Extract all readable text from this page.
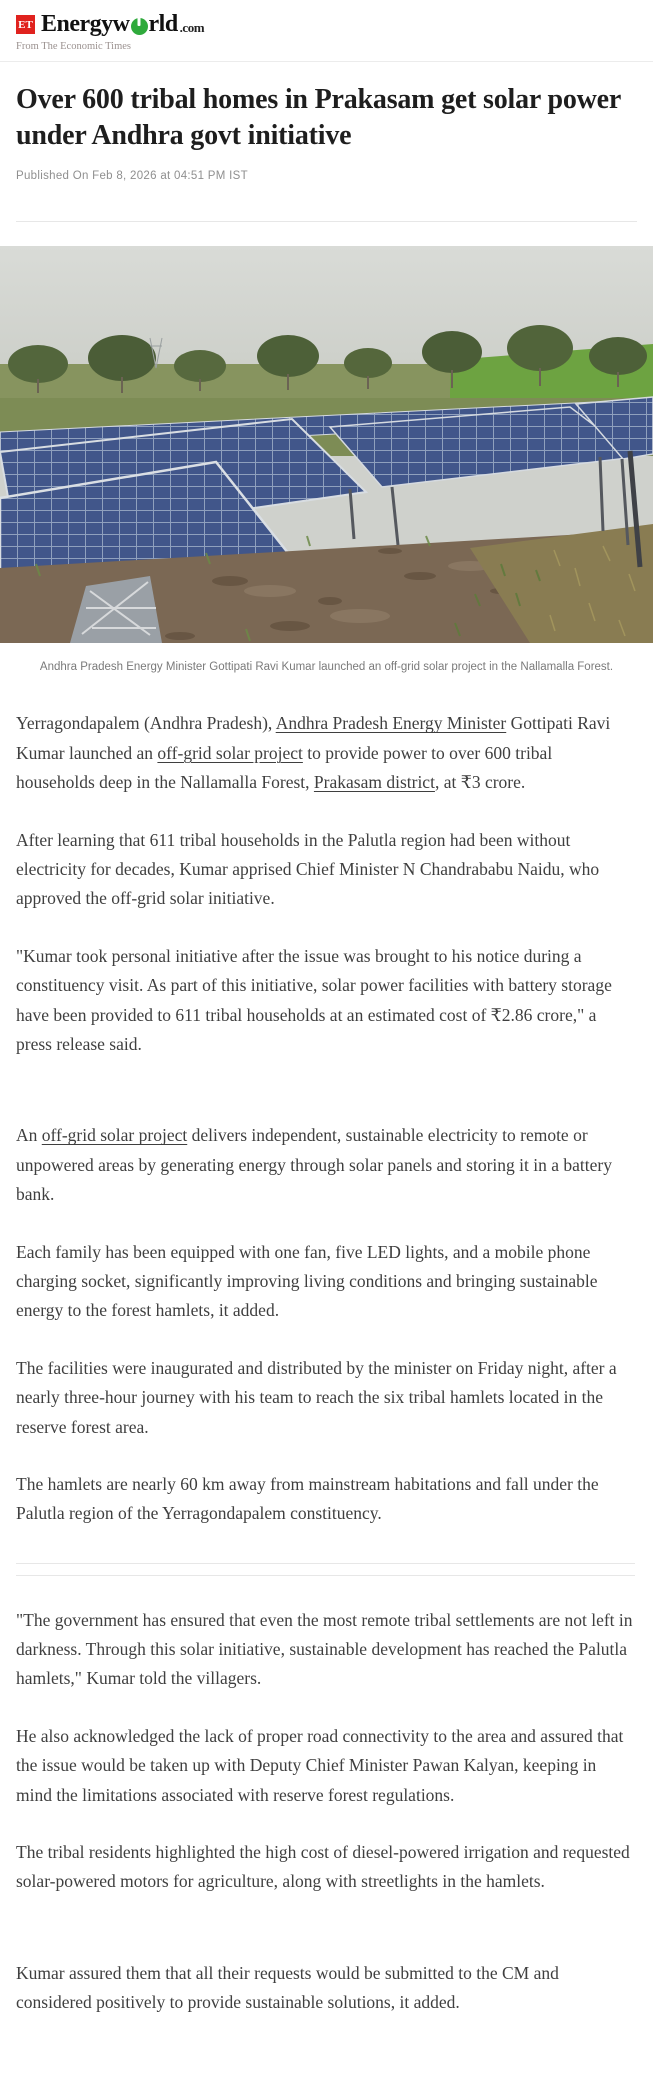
ET Energyw rld .com
From The Economic Times
Over 600 tribal homes in Prakasam get solar power under Andhra govt initiative
Published On Feb 8, 2026 at 04:51 PM IST
Andhra Pradesh Energy Minister Gottipati Ravi Kumar launched an off-grid solar project in the Nallamalla Forest.

Yerragondapalem (Andhra Pradesh), Andhra Pradesh Energy Minister Gottipati Ravi Kumar launched an off-grid solar project to provide power to over 600 tribal households deep in the Nallamalla Forest, Prakasam district, at ₹3 crore.

After learning that 611 tribal households in the Palutla region had been without electricity for decades, Kumar apprised Chief Minister N Chandrababu Naidu, who approved the off-grid solar initiative.

"Kumar took personal initiative after the issue was brought to his notice during a constituency visit. As part of this initiative, solar power facilities with battery storage have been provided to 611 tribal households at an estimated cost of ₹2.86 crore," a press release said.

An off-grid solar project delivers independent, sustainable electricity to remote or unpowered areas by generating energy through solar panels and storing it in a battery bank.

Each family has been equipped with one fan, five LED lights, and a mobile phone charging socket, significantly improving living conditions and bringing sustainable energy to the forest hamlets, it added.

The facilities were inaugurated and distributed by the minister on Friday night, after a nearly three-hour journey with his team to reach the six tribal hamlets located in the reserve forest area.

The hamlets are nearly 60 km away from mainstream habitations and fall under the Palutla region of the Yerragondapalem constituency.

"The government has ensured that even the most remote tribal settlements are not left in darkness. Through this solar initiative, sustainable development has reached the Palutla hamlets," Kumar told the villagers.

He also acknowledged the lack of proper road connectivity to the area and assured that the issue would be taken up with Deputy Chief Minister Pawan Kalyan, keeping in mind the limitations associated with reserve forest regulations.

The tribal residents highlighted the high cost of diesel-powered irrigation and requested solar-powered motors for agriculture, along with streetlights in the hamlets.

Kumar assured them that all their requests would be submitted to the CM and considered positively to provide sustainable solutions, it added.
